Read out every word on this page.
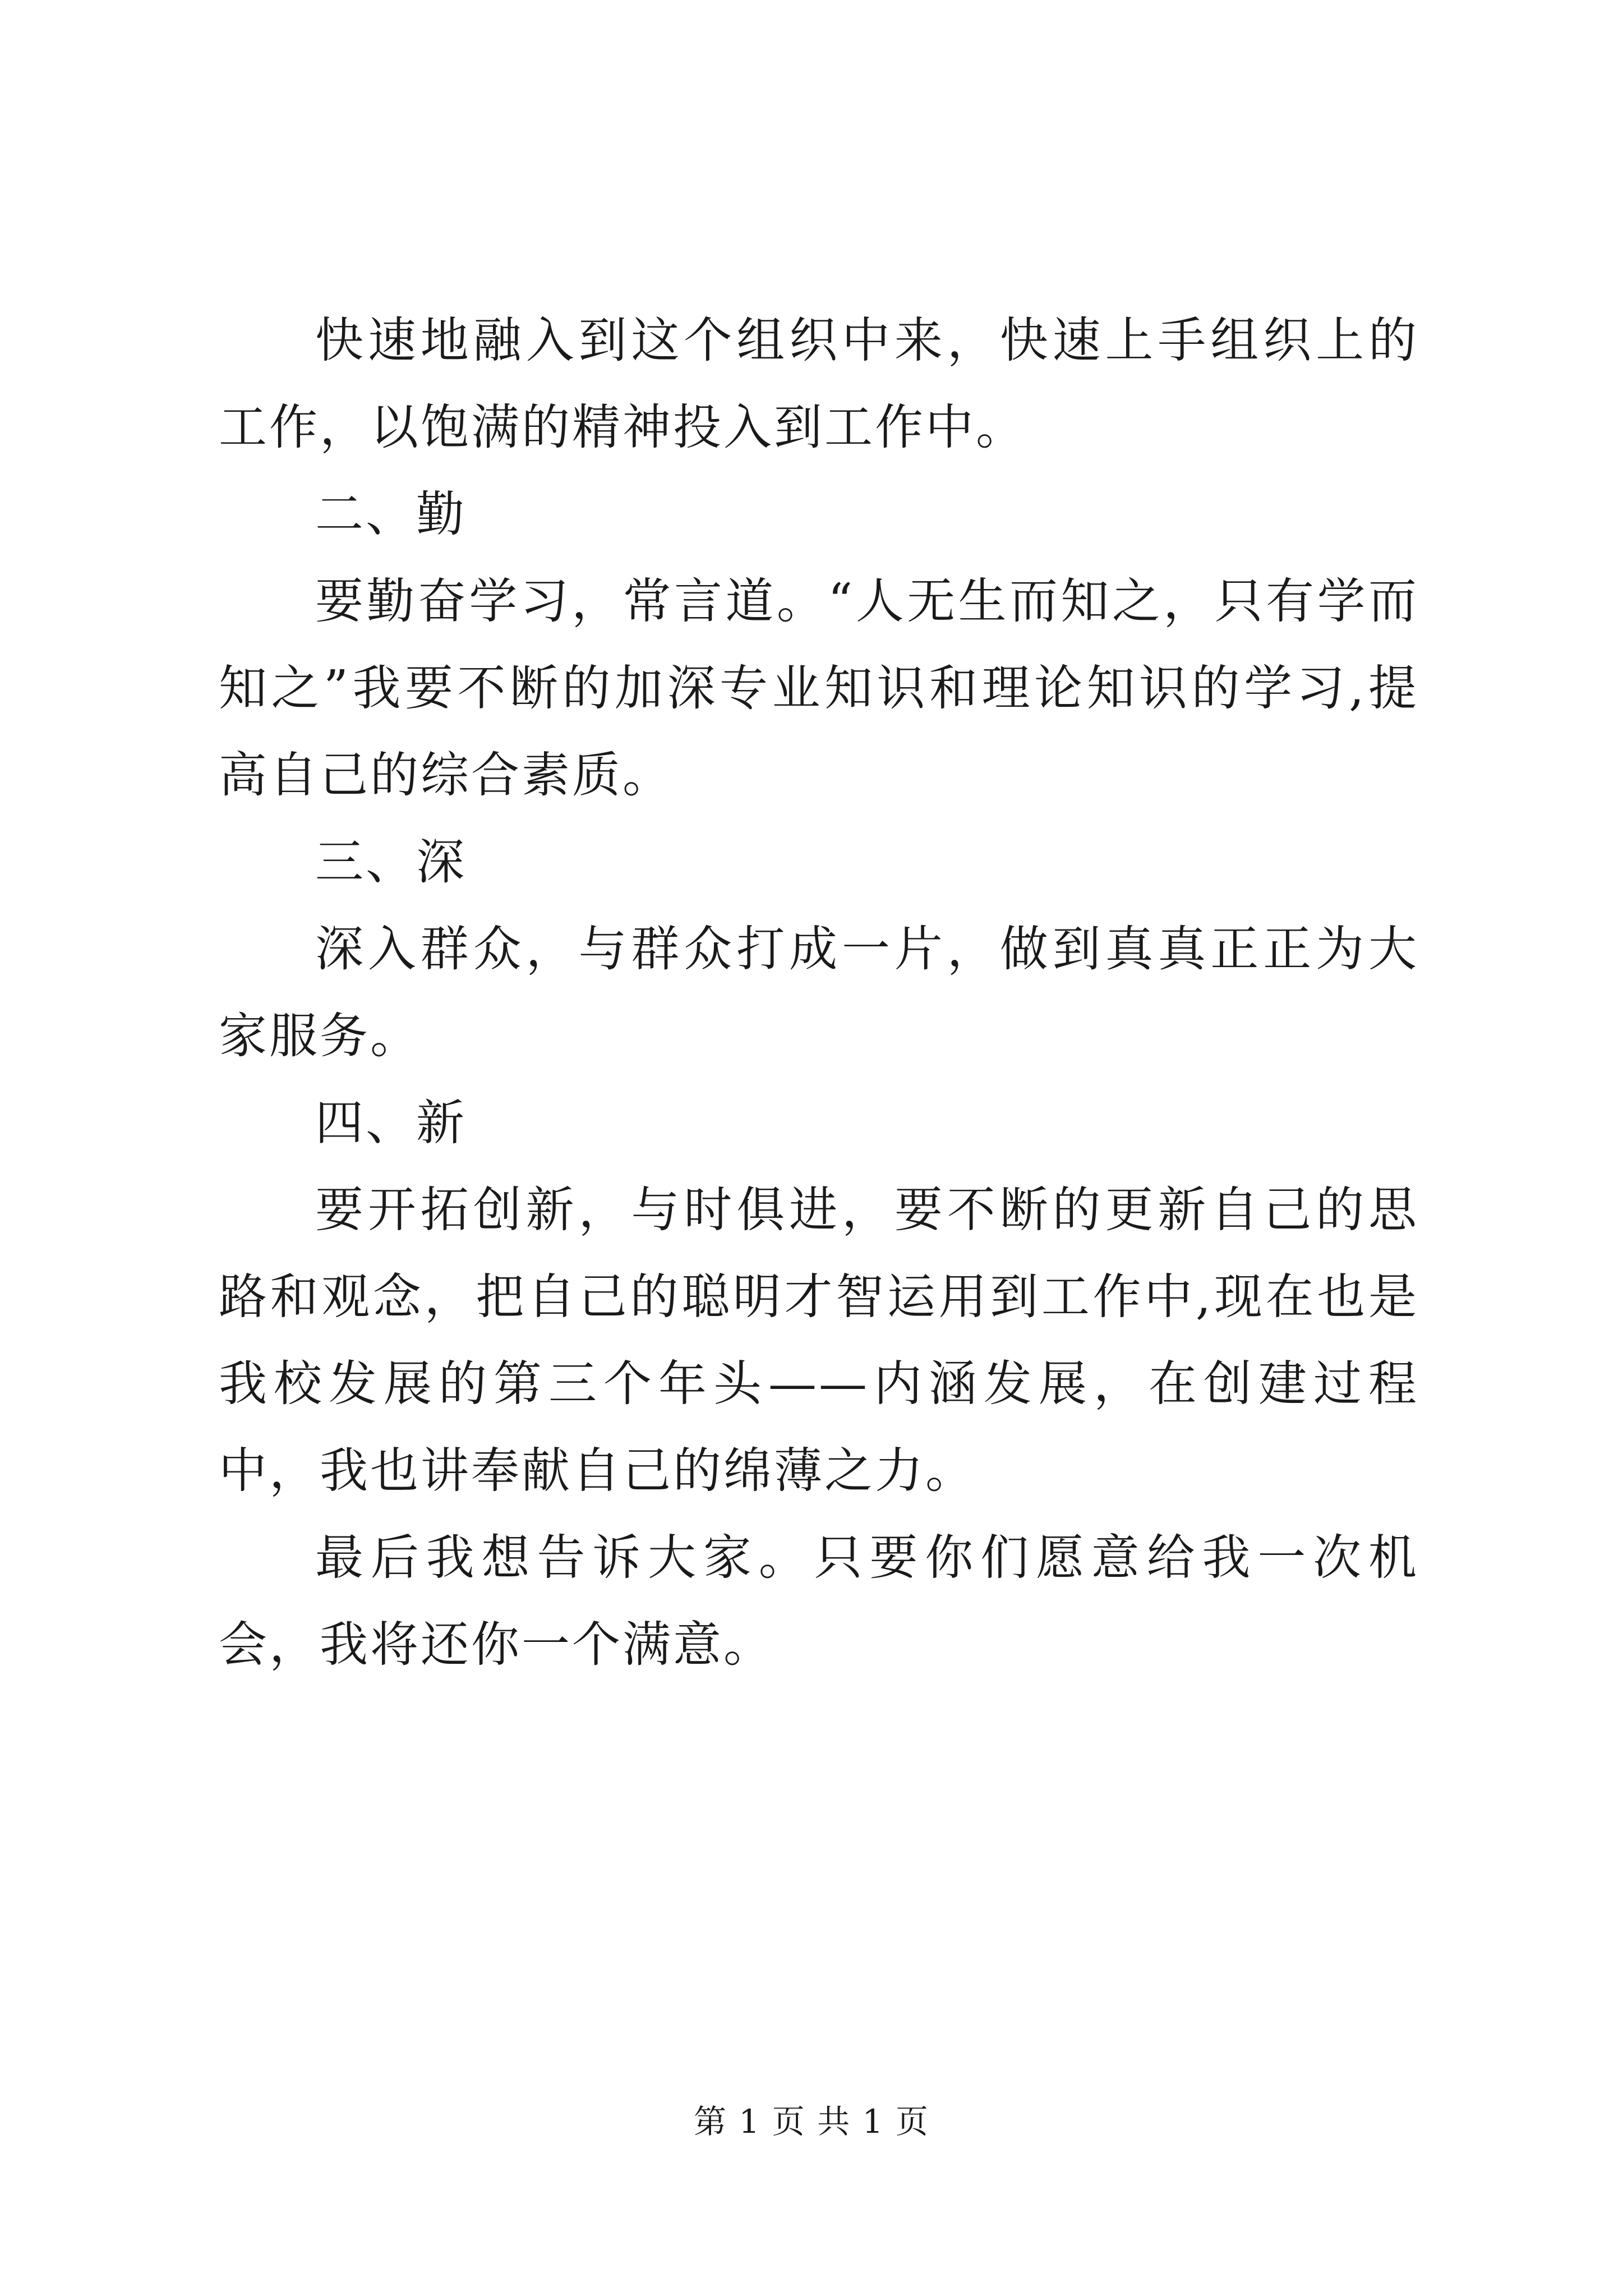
快速地融入到这个组织中来，快速上手组织上的工作，以饱满的精神投入到工作中。

二、勤

要勤奋学习，常言道。“人无生而知之，只有学而知之”我要不断的加深专业知识和理论知识的学习,提高自己的综合素质。

三、深

深入群众，与群众打成一片，做到真真正正为大家服务。

四、新

要开拓创新，与时俱进，要不断的更新自己的思路和观念，把自己的聪明才智运用到工作中,现在也是我校发展的第三个年头——内涵发展，在创建过程中，我也讲奉献自己的绵薄之力。

最后我想告诉大家。只要你们愿意给我一次机会，我将还你一个满意。

第 1 页 共 1 页
